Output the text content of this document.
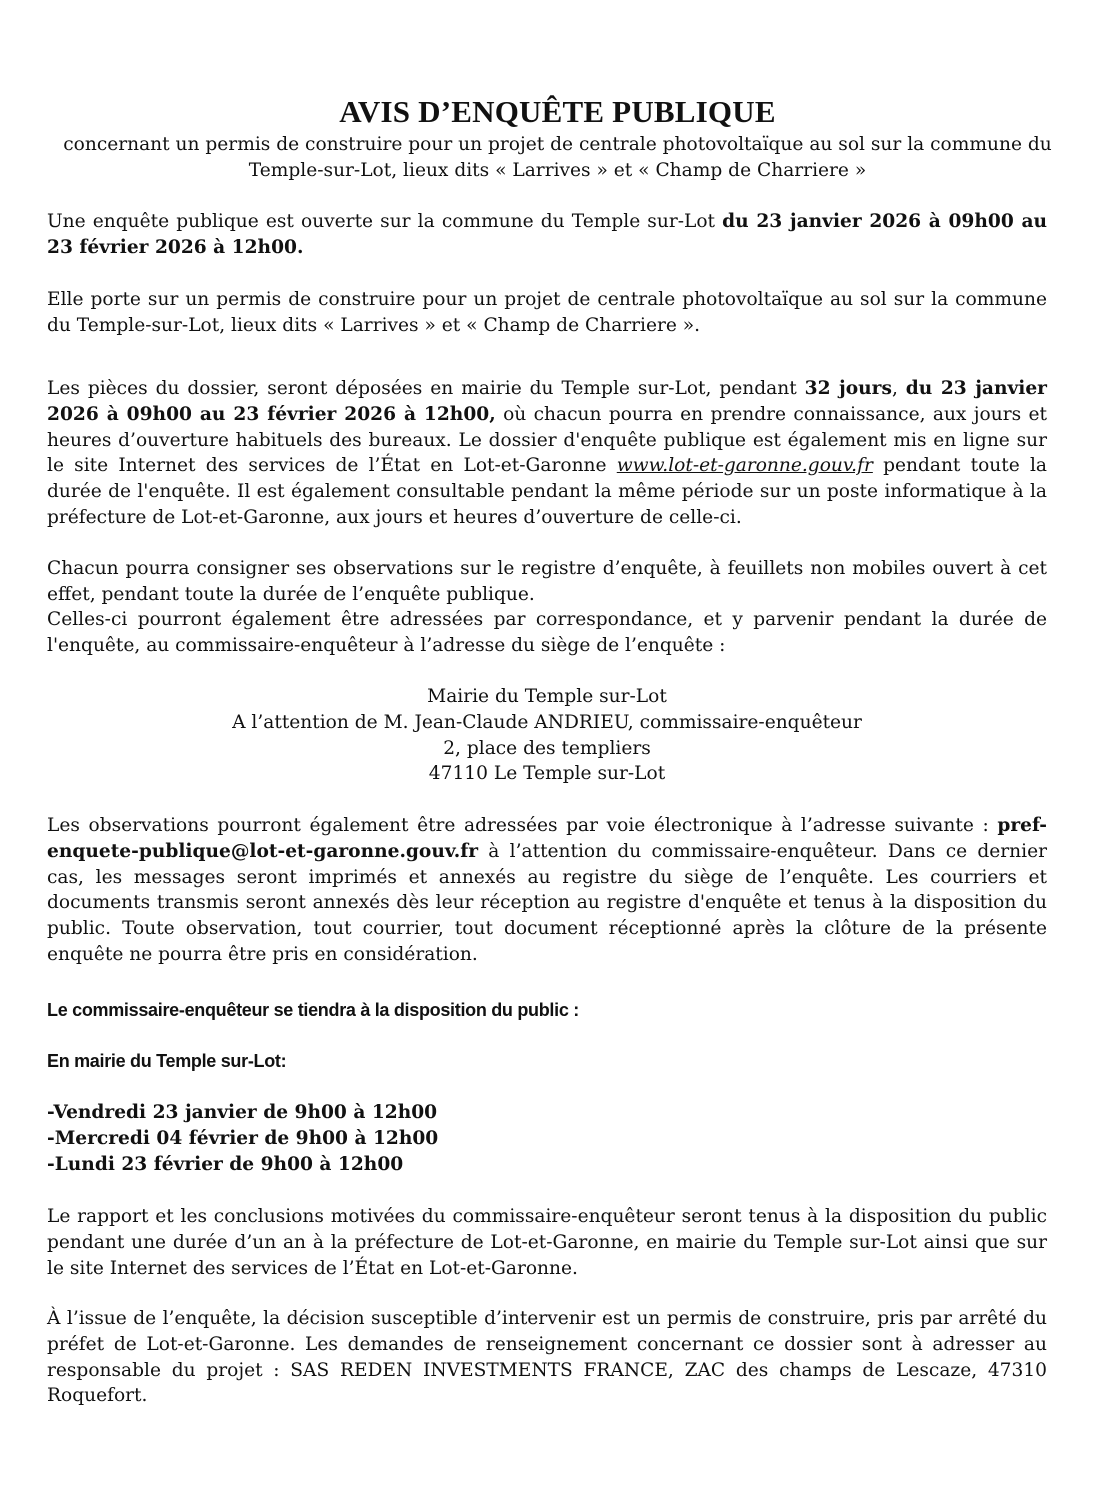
AVIS D’ENQUÊTE PUBLIQUE
concernant un permis de construire pour un projet de centrale photovoltaïque au sol sur la commune du
Temple-sur-Lot, lieux dits « Larrives » et « Champ de Charriere »
Une enquête publique est ouverte sur la commune du Temple sur-Lot du 23 janvier 2026 à 09h00 au 23 février 2026 à 12h00.
Elle porte sur un permis de construire pour un projet de centrale photovoltaïque au sol sur la commune du Temple-sur-Lot, lieux dits « Larrives » et « Champ de Charriere ».
Les pièces du dossier, seront déposées en mairie du Temple sur-Lot, pendant 32 jours, du 23 janvier 2026 à 09h00 au 23 février 2026 à 12h00, où chacun pourra en prendre connaissance, aux jours et heures d’ouverture habituels des bureaux. Le dossier d'enquête publique est également mis en ligne sur le site Internet des services de l’État en Lot-et-Garonne www.lot-et-garonne.gouv.fr pendant toute la durée de l'enquête. Il est également consultable pendant la même période sur un poste informatique à la préfecture de Lot-et-Garonne, aux jours et heures d’ouverture de celle-ci.
Chacun pourra consigner ses observations sur le registre d’enquête, à feuillets non mobiles ouvert à cet effet, pendant toute la durée de l’enquête publique.
Celles-ci pourront également être adressées par correspondance, et y parvenir pendant la durée de l'enquête, au commissaire-enquêteur à l’adresse du siège de l’enquête :
Mairie du Temple sur-Lot
A l’attention de M. Jean-Claude ANDRIEU, commissaire-enquêteur
2, place des templiers
47110 Le Temple sur-Lot
Les observations pourront également être adressées par voie électronique à l’adresse suivante : pref-enquete-publique@lot-et-garonne.gouv.fr à l’attention du commissaire-enquêteur. Dans ce dernier cas, les messages seront imprimés et annexés au registre du siège de l’enquête. Les courriers et documents transmis seront annexés dès leur réception au registre d'enquête et tenus à la disposition du public. Toute observation, tout courrier, tout document réceptionné après la clôture de la présente enquête ne pourra être pris en considération.
Le commissaire-enquêteur se tiendra à la disposition du public :
En mairie du Temple sur-Lot:
-Vendredi 23 janvier de 9h00 à 12h00
-Mercredi 04 février de 9h00 à 12h00
-Lundi 23 février de 9h00 à 12h00
Le rapport et les conclusions motivées du commissaire-enquêteur seront tenus à la disposition du public pendant une durée d’un an à la préfecture de Lot-et-Garonne, en mairie du Temple sur-Lot ainsi que sur le site Internet des services de l’État en Lot-et-Garonne.
À l’issue de l’enquête, la décision susceptible d’intervenir est un permis de construire, pris par arrêté du préfet de Lot-et-Garonne. Les demandes de renseignement concernant ce dossier sont à adresser au responsable du projet : SAS REDEN INVESTMENTS FRANCE, ZAC des champs de Lescaze, 47310 Roquefort.
